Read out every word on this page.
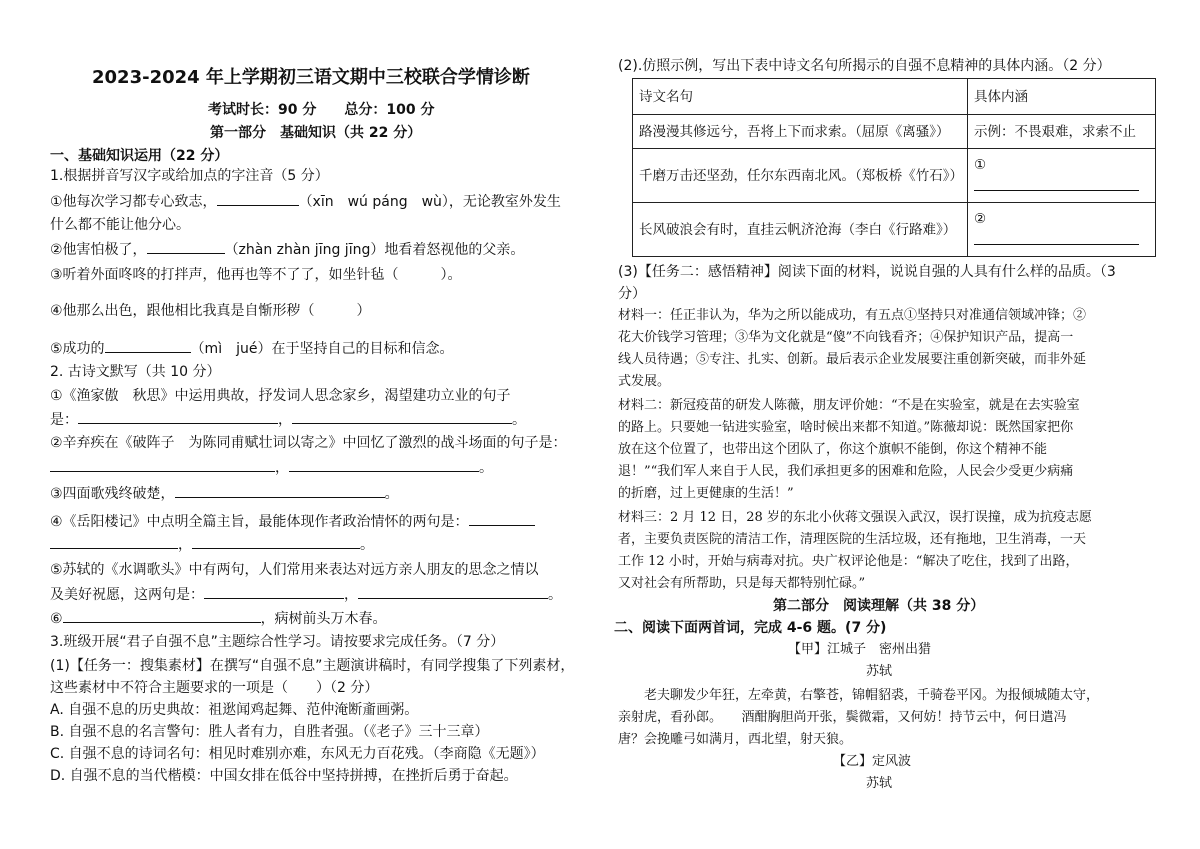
2023-2024 年上学期初三语文期中三校联合学情诊断
考试时长：90 分　　总分：100 分
第一部分　基础知识（共 22 分）
一、基础知识运用（22 分）
1.根据拼音写汉字或给加点的字注音（5 分）
①他每次学习都专心致志，	（xīn　wú páng　wù），无论教室外发生
什么都不能让他分心。
②他害怕极了，	（zhàn zhàn jīng jīng）地看着怒视他的父亲。
③听着外面咚咚的打拌声，他再也等不了了，如坐针毡（　　　）。
④他那么出色，跟他相比我真是自惭形秽（　　　）
⑤成功的	（mì　jué）在于坚持自己的目标和信念。
2. 古诗文默写（共 10 分）
①《渔家傲　秋思》中运用典故，抒发词人思念家乡，渴望建功立业的句子
是：	，	。
②辛弃疾在《破阵子　为陈同甫赋壮词以寄之》中回忆了激烈的战斗场面的句子是：
，	。
③四面歌残终破楚，	。
④《岳阳楼记》中点明全篇主旨，最能体现作者政治情怀的两句是：
，	。
⑤苏轼的《水调歌头》中有两句，人们常用来表达对远方亲人朋友的思念之情以
及美好祝愿，这两句是：	，	。
⑥	，病树前头万木春。
3.班级开展“君子自强不息”主题综合性学习。请按要求完成任务。（7 分）
(1)【任务一：搜集素材】在撰写“自强不息”主题演讲稿时，有同学搜集了下列素材，
这些素材中不符合主题要求的一项是（　　）（2 分）
A. 自强不息的历史典故：祖逖闻鸡起舞、范仲淹断齑画粥。
B. 自强不息的名言警句：胜人者有力，自胜者强。（《老子》三十三章）
C. 自强不息的诗词名句：相见时难别亦难，东风无力百花残。（李商隐《无题》）
D. 自强不息的当代楷模：中国女排在低谷中坚持拼搏，在挫折后勇于奋起。
(2).仿照示例，写出下表中诗文名句所揭示的自强不息精神的具体内涵。（2 分）
诗文名句	具体内涵
路漫漫其修远兮，吾将上下而求索。（屈原《离骚》）	示例：不畏艰难，求索不止
千磨万击还坚劲，任尔东西南北风。（郑板桥《竹石》）	①
长风破浪会有时，直挂云帆济沧海（李白《行路难》）	②
(3)【任务二：感悟精神】阅读下面的材料，说说自强的人具有什么样的品质。（3
分）
材料一：任正非认为，华为之所以能成功，有五点①坚持只对准通信领域冲锋；②
花大价钱学习管理；③华为文化就是“傻”不向钱看齐；④保护知识产品，提高一
线人员待遇；⑤专注、扎实、创新。最后表示企业发展要注重创新突破，而非外延
式发展。
材料二：新冠疫苗的研发人陈薇，朋友评价她：“不是在实验室，就是在去实验室
的路上。只要她一钻进实验室，啥时候出来都不知道。”陈薇却说：既然国家把你
放在这个位置了，也带出这个团队了，你这个旗帜不能倒，你这个精神不能
退！”“我们军人来自于人民，我们承担更多的困难和危险，人民会少受更少病痛
的折磨，过上更健康的生活！”
材料三：2 月 12 日，28 岁的东北小伙蒋文强误入武汉，误打误撞，成为抗疫志愿
者，主要负责医院的清洁工作，清理医院的生活垃圾，还有拖地，卫生消毒，一天
工作 12 小时，开始与病毒对抗。央广权评论他是：“解决了吃住，找到了出路，
又对社会有所帮助，只是每天都特别忙碌。”
第二部分　阅读理解（共 38 分）
二、阅读下面两首词，完成 4-6 题。(7 分)
【甲】江城子　密州出猎
苏轼
老夫聊发少年狂，左牵黄，右擎苍，锦帽貂裘，千骑卷平冈。为报倾城随太守，
亲射虎，看孙郎。　　酒酣胸胆尚开张，鬓微霜，又何妨！持节云中，何日遣冯
唐？会挽雕弓如满月，西北望，射天狼。
【乙】定风波
苏轼
